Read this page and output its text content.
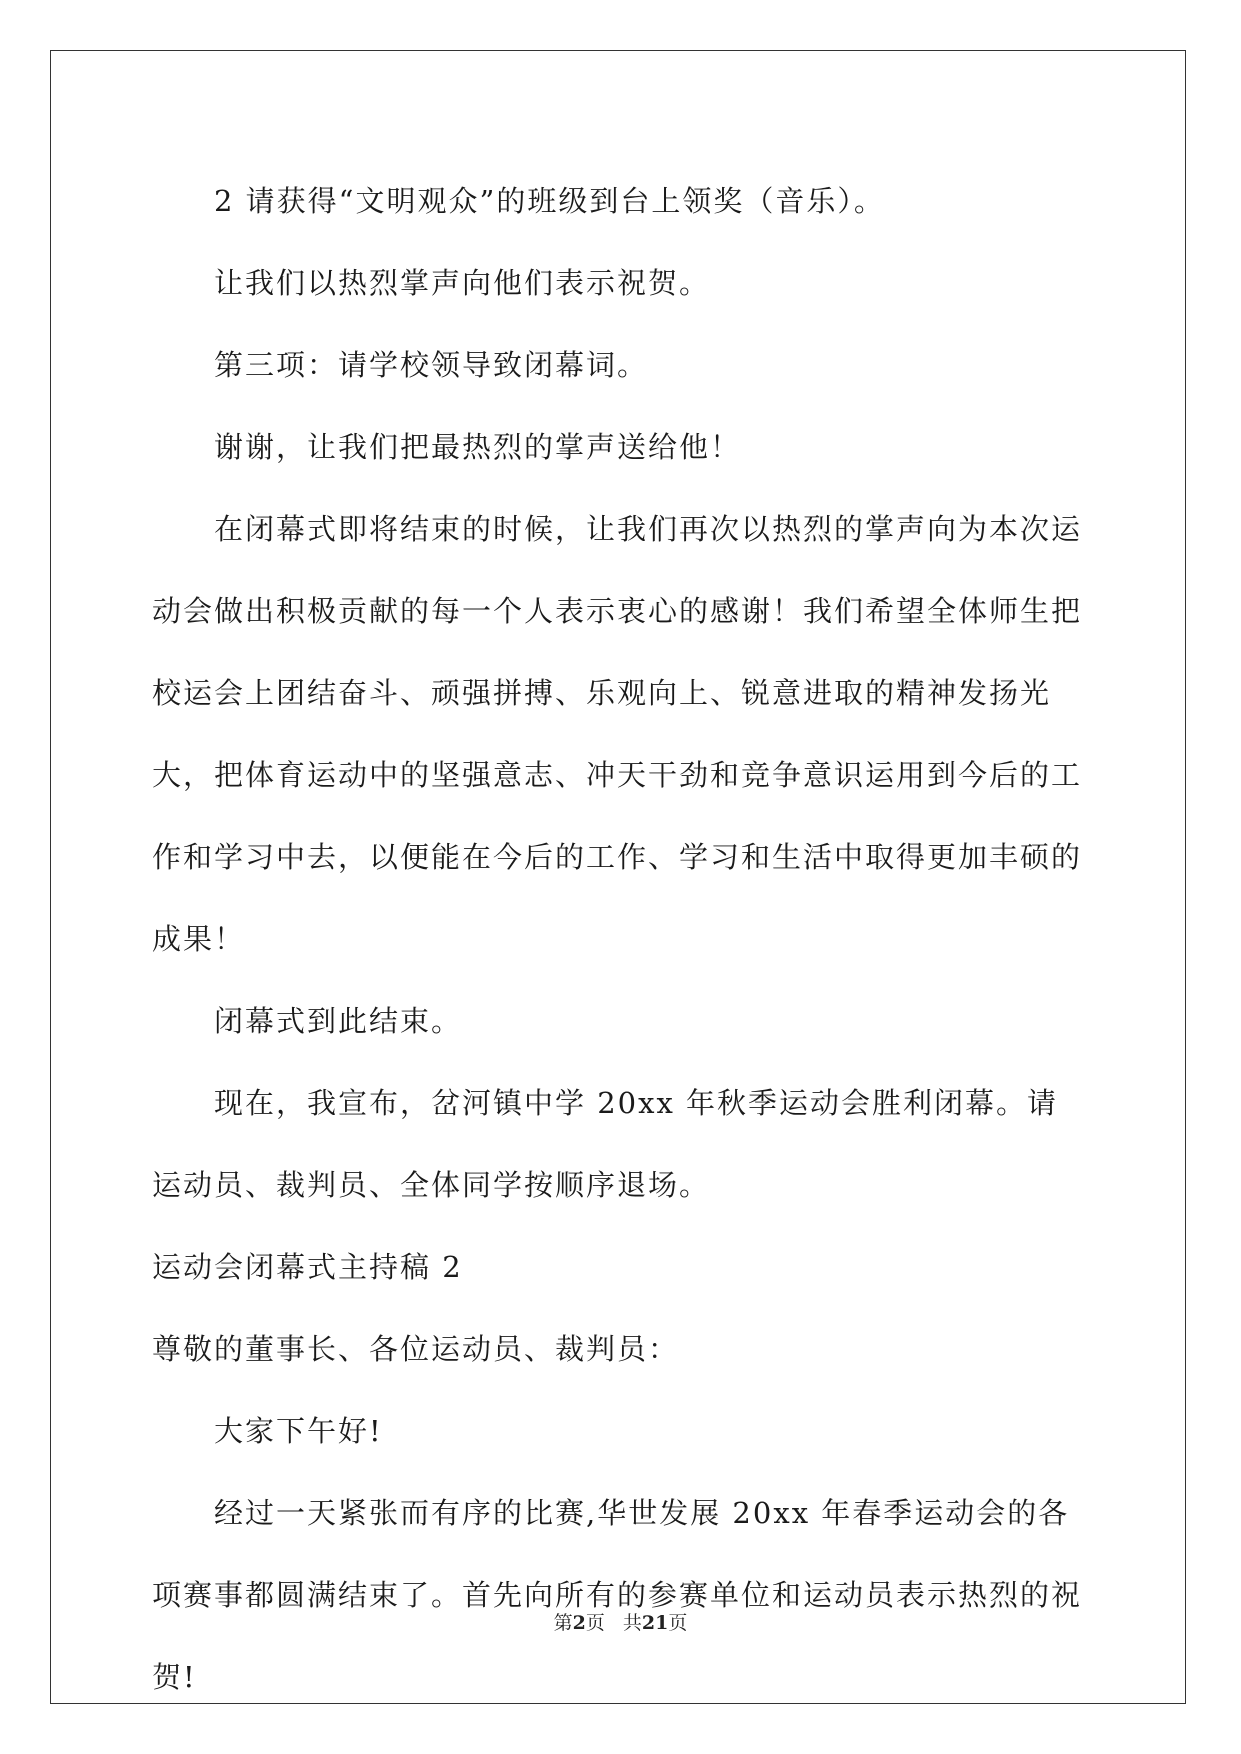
2 请获得“文明观众”的班级到台上领奖（音乐）。

让我们以热烈掌声向他们表示祝贺。

第三项：请学校领导致闭幕词。

谢谢，让我们把最热烈的掌声送给他！

在闭幕式即将结束的时候，让我们再次以热烈的掌声向为本次运动会做出积极贡献的每一个人表示衷心的感谢！我们希望全体师生把校运会上团结奋斗、顽强拼搏、乐观向上、锐意进取的精神发扬光大，把体育运动中的坚强意志、冲天干劲和竞争意识运用到今后的工作和学习中去，以便能在今后的工作、学习和生活中取得更加丰硕的成果！

闭幕式到此结束。

现在，我宣布，岔河镇中学 20xx 年秋季运动会胜利闭幕。请运动员、裁判员、全体同学按顺序退场。

运动会闭幕式主持稿 2

尊敬的董事长、各位运动员、裁判员：

大家下午好!

经过一天紧张而有序的比赛,华世发展 20xx 年春季运动会的各项赛事都圆满结束了。首先向所有的参赛单位和运动员表示热烈的祝贺!

第2页 共21页
